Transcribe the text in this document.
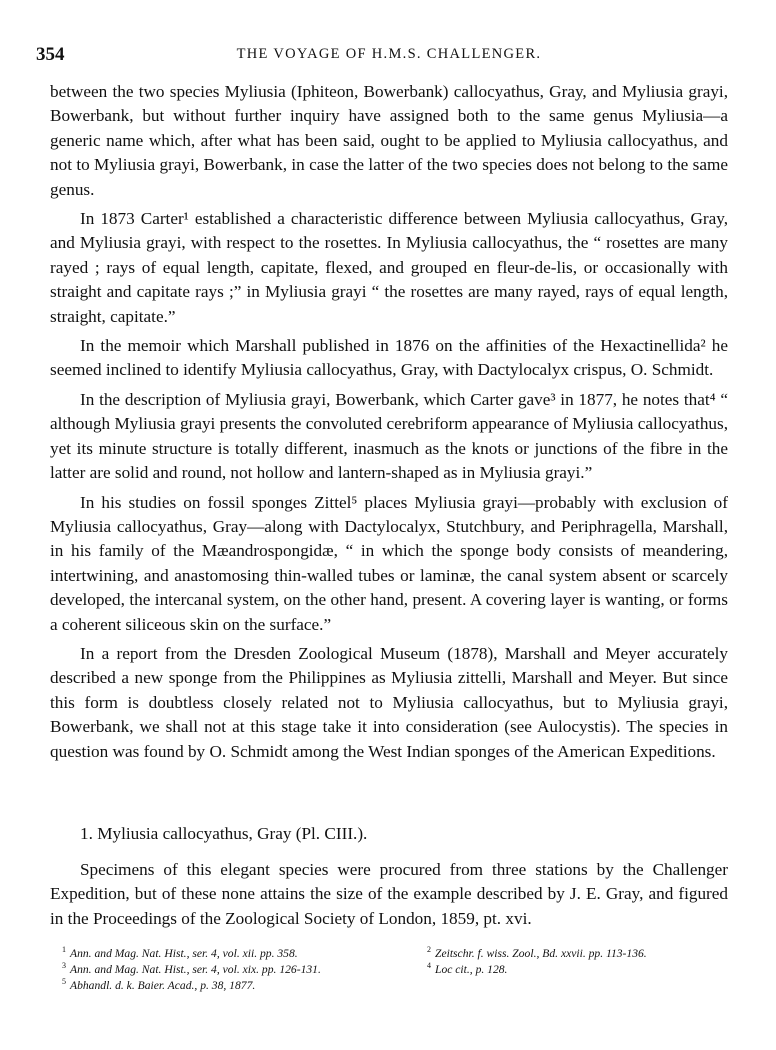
354	THE VOYAGE OF H.M.S. CHALLENGER.

between the two species Myliusia (Iphiteon, Bowerbank) callocyathus, Gray, and Myliusia grayi, Bowerbank, but without further inquiry have assigned both to the same genus Myliusia—a generic name which, after what has been said, ought to be applied to Myliusia callocyathus, and not to Myliusia grayi, Bowerbank, in case the latter of the two species does not belong to the same genus.

In 1873 Carter¹ established a characteristic difference between Myliusia callocyathus, Gray, and Myliusia grayi, with respect to the rosettes. In Myliusia callocyathus, the “ rosettes are many rayed ; rays of equal length, capitate, flexed, and grouped en fleur-de-lis, or occasionally with straight and capitate rays ;” in Myliusia grayi “ the rosettes are many rayed, rays of equal length, straight, capitate.”

In the memoir which Marshall published in 1876 on the affinities of the Hexactinellida² he seemed inclined to identify Myliusia callocyathus, Gray, with Dactylocalyx crispus, O. Schmidt.

In the description of Myliusia grayi, Bowerbank, which Carter gave³ in 1877, he notes that⁴ “ although Myliusia grayi presents the convoluted cerebriform appearance of Myliusia callocyathus, yet its minute structure is totally different, inasmuch as the knots or junctions of the fibre in the latter are solid and round, not hollow and lantern-shaped as in Myliusia grayi.”

In his studies on fossil sponges Zittel⁵ places Myliusia grayi—probably with exclusion of Myliusia callocyathus, Gray—along with Dactylocalyx, Stutchbury, and Periphragella, Marshall, in his family of the Mæandrospongidæ, “ in which the sponge body consists of meandering, intertwining, and anastomosing thin-walled tubes or laminæ, the canal system absent or scarcely developed, the intercanal system, on the other hand, present. A covering layer is wanting, or forms a coherent siliceous skin on the surface.”

In a report from the Dresden Zoological Museum (1878), Marshall and Meyer accurately described a new sponge from the Philippines as Myliusia zittelli, Marshall and Meyer. But since this form is doubtless closely related not to Myliusia callocyathus, but to Myliusia grayi, Bowerbank, we shall not at this stage take it into consideration (see Aulocystis). The species in question was found by O. Schmidt among the West Indian sponges of the American Expeditions.

1. Myliusia callocyathus, Gray (Pl. CIII.).

Specimens of this elegant species were procured from three stations by the Challenger Expedition, but of these none attains the size of the example described by J. E. Gray, and figured in the Proceedings of the Zoological Society of London, 1859, pt. xvi.

$^1$ Ann. and Mag. Nat. Hist., ser. 4, vol. xii. pp. 358.	$^2$ Zeitschr. f. wiss. Zool., Bd. xxvii. pp. 113-136.

$^3$ Ann. and Mag. Nat. Hist., ser. 4, vol. xix. pp. 126-131.	$^4$ Loc cit., p. 128.

$^5$ Abhandl. d. k. Baier. Acad., p. 38, 1877.
